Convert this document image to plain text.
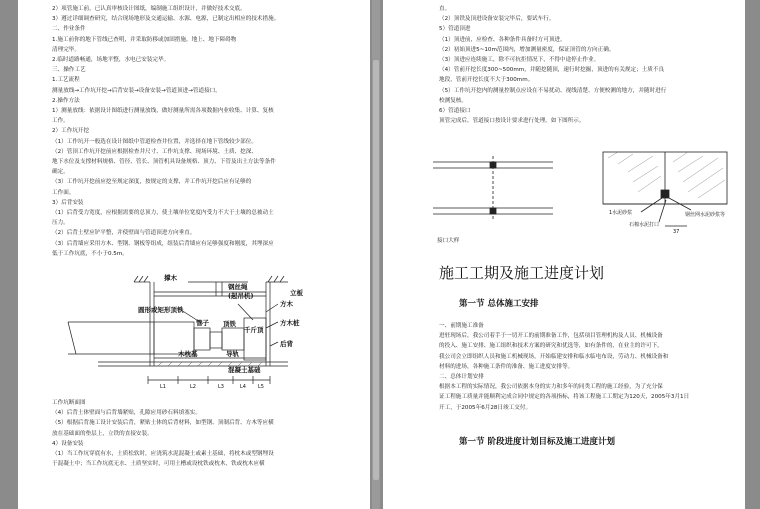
2）项管施工前，已认真审核设计图纸，编制施工组织设计，并做好技术交底。
3）遵过详细调查研究，结合现场地形及交通运输、水源、电源，已制定出相应的技术措施。
二、作业条件
1.施工前你的地下管线已查明，并采取防移或加固措施，地上、地下障碍物
清理完毕。
2.临时道路畅通，场地平整，水电已安装完毕。
三、操作工艺
1.工艺流程
测量放线→工作坑开挖→后背安装→设备安装→管道顶进→管道接口。
2.操作方法
1）测量放线：依据设计图纸进行测量放线，做好测量所需各项数据内业收集、计算、复核
工作。
2）工作坑开挖
（1）工作坑开一般选在设计图纸中管道检查井位置，并选择在地下管线较少部位。
（2）管顶工作坑开挖前应根据检查井尺寸、工作坑支撑、现场环境、土质、挖深、
地下水位及支撑材料规格、管径、管长、顶管机具设备规格、顶力、下管及出土方法等条件
确定。
（3）工作坑开挖前应挖至规定深度，按规定的支撑，并工作坑开挖后应有足够的
工作面。
3）后背安装
（1）后背受力宽度，应根据需要的总顶力，使土壤单位宽度内受力不大于土壤的总被动土
压力。
（2）后背土壁应铲平整，并使壁面与管道顶进方向垂直。
（3）后背墙应采用方木、型钢、钢板等组成，组装后背墙应有足够强度和刚度，其埋深应
低于工作坑底，不小于0.5m。
撑木
立板
钢丝绳
(起吊机)
圆形或矩形顶铁
管子 顶铁	方木桩
导轨
混凝土基础
木枕基
后背
方木
千斤顶
L1	L2	L3	L4 L5
工作坑断面图
（4）后背土体壁面与后背墙紧贴，孔隙应用砂石料填塞实。
（5）根据后背施工设计安装后背，紧贴土体的后背材料，如型钢、顶制后背、方木等应横
放在基础面的垫层上，立铁的直接安装。
4）设备安装
（1）当工作坑穿底有水，土质松软时，应浇筑水泥混凝土或素土基础，将枕木或型钢埋设
于混凝土中；当工作坑底无水、土质坚实时，可用土槽或设枕铁或枕木，铁或枕木应横
直。
（2）顶铁及顶进设备安装完毕后，要试车行。
5）管道顶进
（1）顶进前，应检查、各种条件具备时方可顶进。
（2）初始顶进5~10m范围内，增加测量密度，保证顶管的方向正确。
（3）顶进应连续施工，除不可抗拒情况下，不得中途停止作业。
（4）管前开挖长度300~500mm，并随挖随顶，速行时挖掘，顶进的有关规定；土质不良
地段，管前开挖长度不大于300mm。
（5）工作坑开挖内的测量控制点应设在不易扰动、视线清楚、方便校测的地方，并随时进行
校测复核。
6）管道接口
顶管完成后，管道接口按设计要求进行处理。如下图所示。
1水泥砂浆
石棉水泥打口
钢丝网水泥砂浆等
37
接口大样
施工工期及施工进度计划
第一节 总体施工安排
一、前期施工准备
进驻现场后，我公司着手于一切开工的前期准备工作，包括项目管理机构及人员、机械设备
的投入、施工安排、施工组织和技术方案的研究和优选等，如有条件的，在业主的许可下，
我公司会立即组织人员和施工机械现场，开始临建安排和临水临电布设，劳动力、机械设备和
材料的进场，各种施工条件的准备、施工进度安排等。
二、总体计划安排
根据本工程的实际情况，我公司依据本身的实力和多年的同类工程的施工经验，为了充分保
证工程施工质量并能顺利完成合同中规定的各项指标，将该工程施工工期定为120天，2005年3月1日
开工，于2005年6月28日竣工交付。
第一节 阶段进度计划目标及施工进度计划
